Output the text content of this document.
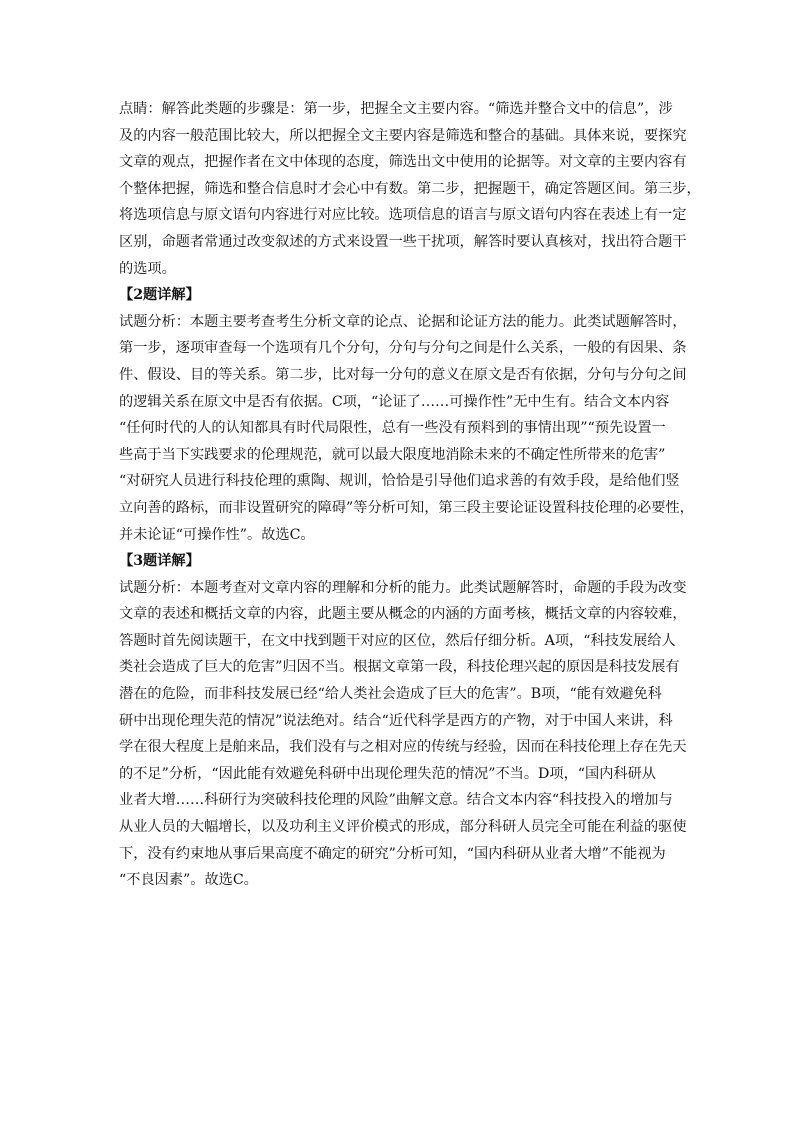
点睛：解答此类题的步骤是：第一步，把握全文主要内容。“筛选并整合文中的信息”，涉
及的内容一般范围比较大，所以把握全文主要内容是筛选和整合的基础。具体来说，要探究
文章的观点，把握作者在文中体现的态度，筛选出文中使用的论据等。对文章的主要内容有
个整体把握，筛选和整合信息时才会心中有数。第二步，把握题干，确定答题区间。第三步，
将选项信息与原文语句内容进行对应比较。选项信息的语言与原文语句内容在表述上有一定
区别，命题者常通过改变叙述的方式来设置一些干扰项，解答时要认真核对，找出符合题干
的选项。
【2题详解】
试题分析：本题主要考查考生分析文章的论点、论据和论证方法的能力。此类试题解答时，
第一步，逐项审查每一个选项有几个分句，分句与分句之间是什么关系，一般的有因果、条
件、假设、目的等关系。第二步，比对每一分句的意义在原文是否有依据，分句与分句之间
的逻辑关系在原文中是否有依据。C项，“论证了……可操作性”无中生有。结合文本内容
“任何时代的人的认知都具有时代局限性，总有一些没有预料到的事情出现”“预先设置一
些高于当下实践要求的伦理规范，就可以最大限度地消除未来的不确定性所带来的危害”
“对研究人员进行科技伦理的熏陶、规训，恰恰是引导他们追求善的有效手段，是给他们竖
立向善的路标，而非设置研究的障碍”等分析可知，第三段主要论证设置科技伦理的必要性，
并未论证“可操作性”。故选C。
【3题详解】
试题分析：本题考查对文章内容的理解和分析的能力。此类试题解答时，命题的手段为改变
文章的表述和概括文章的内容，此题主要从概念的内涵的方面考核，概括文章的内容较难，
答题时首先阅读题干，在文中找到题干对应的区位，然后仔细分析。A项，“科技发展给人
类社会造成了巨大的危害”归因不当。根据文章第一段，科技伦理兴起的原因是科技发展有
潜在的危险，而非科技发展已经“给人类社会造成了巨大的危害”。B项，“能有效避免科
研中出现伦理失范的情况”说法绝对。结合“近代科学是西方的产物，对于中国人来讲，科
学在很大程度上是舶来品，我们没有与之相对应的传统与经验，因而在科技伦理上存在先天
的不足”分析，“因此能有效避免科研中出现伦理失范的情况”不当。D项，“国内科研从
业者大增……科研行为突破科技伦理的风险”曲解文意。结合文本内容“科技投入的增加与
从业人员的大幅增长，以及功利主义评价模式的形成，部分科研人员完全可能在利益的驱使
下，没有约束地从事后果高度不确定的研究”分析可知，“国内科研从业者大增”不能视为
“不良因素”。故选C。
